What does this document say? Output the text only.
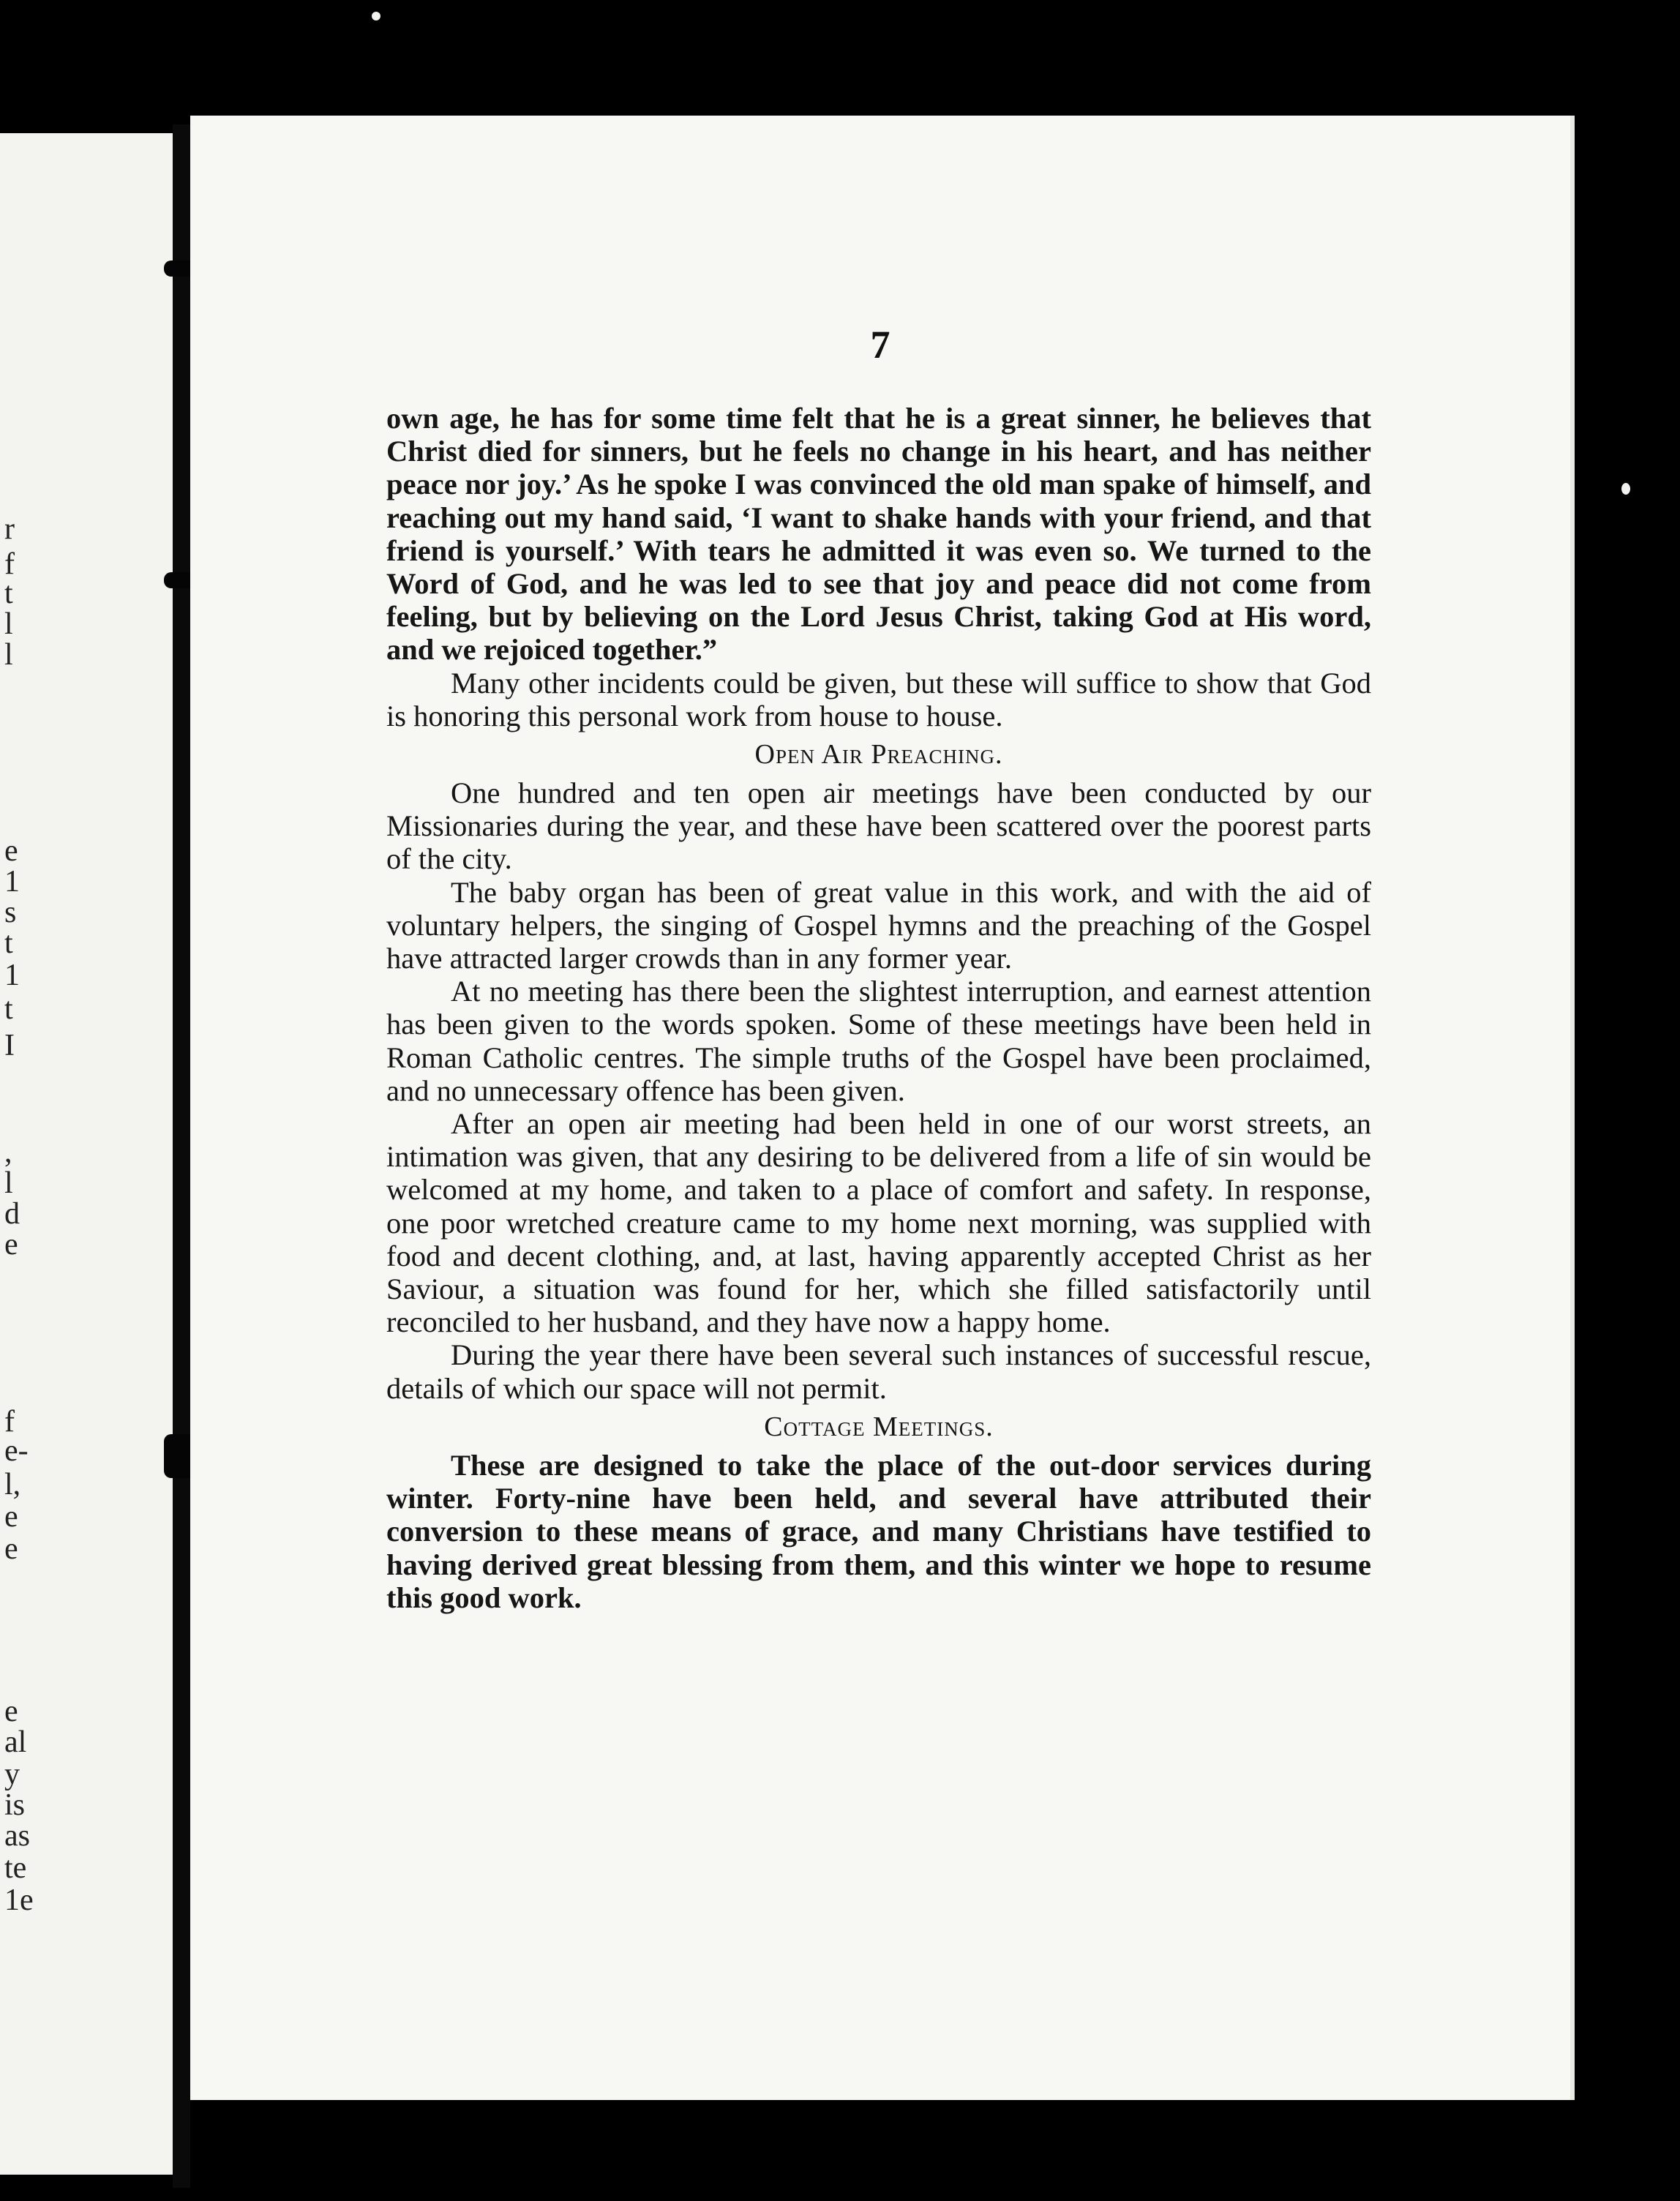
r
f
t
l
l
e
1
s
t
1
t
I
,
l
d
e
f
e-
l,
e
e
e
al
y
is
as
te
1e
7

own age, he has for some time felt that he is a great sinner, he believes that Christ died for sinners, but he feels no change in his heart, and has neither peace nor joy.’ As he spoke I was convinced the old man spake of himself, and reaching out my hand said, ‘I want to shake hands with your friend, and that friend is yourself.’ With tears he admitted it was even so. We turned to the Word of God, and he was led to see that joy and peace did not come from feeling, but by believing on the Lord Jesus Christ, taking God at His word, and we rejoiced together.”

Many other incidents could be given, but these will suffice to show that God is honoring this personal work from house to house.

Open Air Preaching.

One hundred and ten open air meetings have been conducted by our Missionaries during the year, and these have been scattered over the poorest parts of the city.

The baby organ has been of great value in this work, and with the aid of voluntary helpers, the singing of Gospel hymns and the preaching of the Gospel have attracted larger crowds than in any former year.

At no meeting has there been the slightest interruption, and earnest attention has been given to the words spoken. Some of these meetings have been held in Roman Catholic centres. The simple truths of the Gospel have been proclaimed, and no unnecessary offence has been given.

After an open air meeting had been held in one of our worst streets, an intimation was given, that any desiring to be delivered from a life of sin would be welcomed at my home, and taken to a place of comfort and safety. In response, one poor wretched creature came to my home next morning, was supplied with food and decent clothing, and, at last, having apparently accepted Christ as her Saviour, a situation was found for her, which she filled satisfactorily until reconciled to her husband, and they have now a happy home.

During the year there have been several such instances of successful rescue, details of which our space will not permit.

Cottage Meetings.

These are designed to take the place of the out-door services during winter. Forty-nine have been held, and several have attributed their conversion to these means of grace, and many Christians have testified to having derived great blessing from them, and this winter we hope to resume this good work.
